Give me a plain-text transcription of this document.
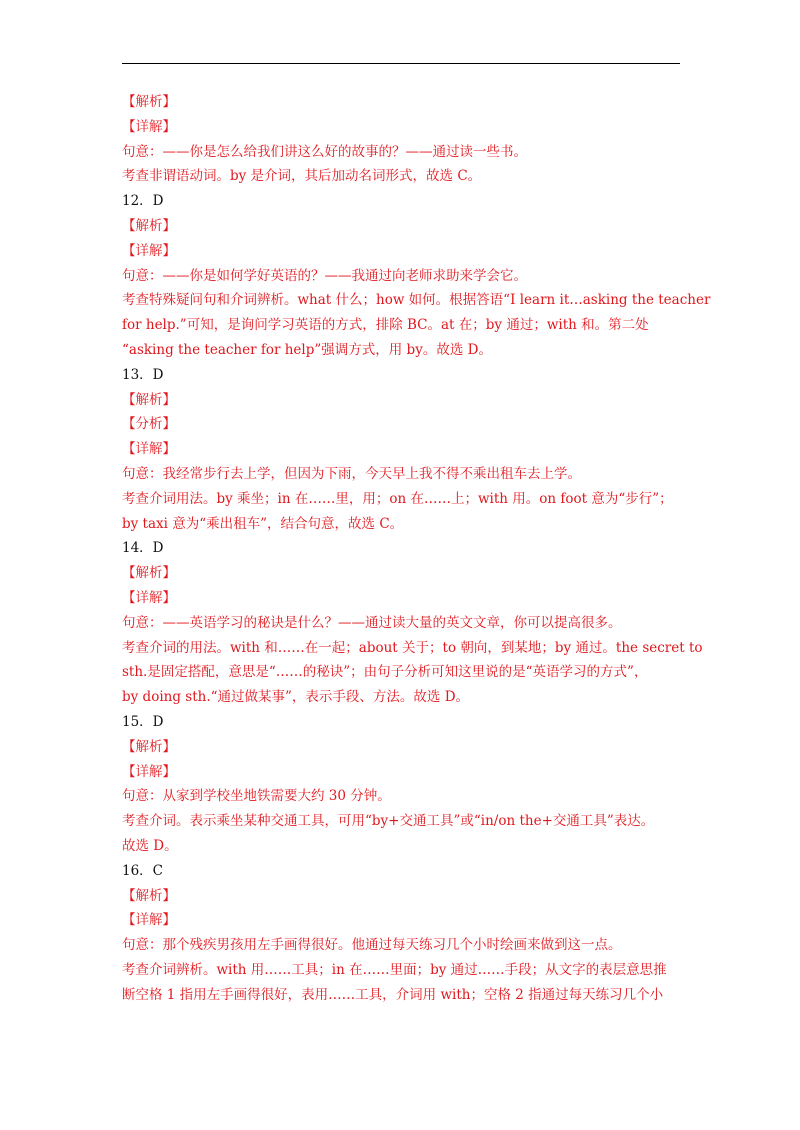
【解析】
【详解】
句意：——你是怎么给我们讲这么好的故事的？——通过读一些书。
考查非谓语动词。by 是介词，其后加动名词形式，故选 C。
12．D
【解析】
【详解】
句意：——你是如何学好英语的？——我通过向老师求助来学会它。
考查特殊疑问句和介词辨析。what 什么；how 如何。根据答语“I learn it…asking the teacher
for help.”可知，是询问学习英语的方式，排除 BC。at 在；by 通过；with 和。第二处
“asking the teacher for help”强调方式，用 by。故选 D。
13．D
【解析】
【分析】
【详解】
句意：我经常步行去上学，但因为下雨，今天早上我不得不乘出租车去上学。
考查介词用法。by 乘坐；in 在……里，用；on 在……上；with 用。on foot 意为“步行”；
by taxi 意为“乘出租车”，结合句意，故选 C。
14．D
【解析】
【详解】
句意：——英语学习的秘诀是什么？——通过读大量的英文文章，你可以提高很多。
考查介词的用法。with 和……在一起；about 关于；to 朝向，到某地；by 通过。the secret to
sth.是固定搭配，意思是“……的秘诀”；由句子分析可知这里说的是“英语学习的方式”，
by doing sth.“通过做某事”，表示手段、方法。故选 D。
15．D
【解析】
【详解】
句意：从家到学校坐地铁需要大约 30 分钟。
考查介词。表示乘坐某种交通工具，可用“by+交通工具”或“in/on the+交通工具”表达。
故选 D。
16．C
【解析】
【详解】
句意：那个残疾男孩用左手画得很好。他通过每天练习几个小时绘画来做到这一点。
考查介词辨析。with 用……工具；in 在……里面；by 通过……手段；从文字的表层意思推
断空格 1 指用左手画得很好，表用……工具，介词用 with；空格 2 指通过每天练习几个小
